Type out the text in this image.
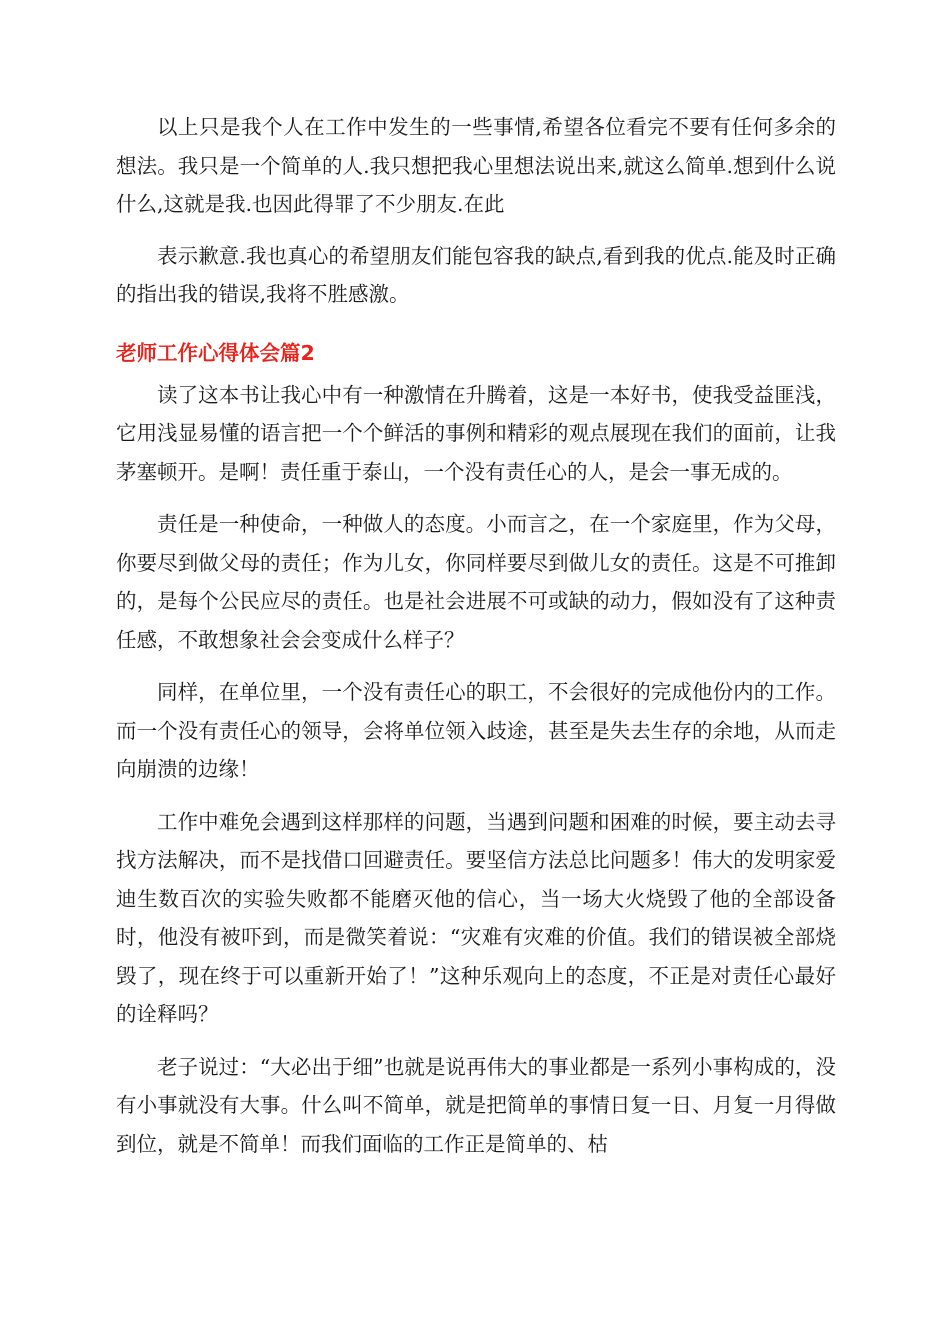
以上只是我个人在工作中发生的一些事情,希望各位看完不要有任何多余的想法。我只是一个简单的人.我只想把我心里想法说出来,就这么简单.想到什么说什么,这就是我.也因此得罪了不少朋友.在此

表示歉意.我也真心的希望朋友们能包容我的缺点,看到我的优点.能及时正确的指出我的错误,我将不胜感激。

老师工作心得体会篇2

读了这本书让我心中有一种激情在升腾着，这是一本好书，使我受益匪浅，它用浅显易懂的语言把一个个鲜活的事例和精彩的观点展现在我们的面前，让我茅塞顿开。是啊！责任重于泰山，一个没有责任心的人，是会一事无成的。

责任是一种使命，一种做人的态度。小而言之，在一个家庭里，作为父母，你要尽到做父母的责任；作为儿女，你同样要尽到做儿女的责任。这是不可推卸的，是每个公民应尽的责任。也是社会进展不可或缺的动力，假如没有了这种责任感，不敢想象社会会变成什么样子？

同样，在单位里，一个没有责任心的职工，不会很好的完成他份内的工作。而一个没有责任心的领导，会将单位领入歧途，甚至是失去生存的余地，从而走向崩溃的边缘！

工作中难免会遇到这样那样的问题，当遇到问题和困难的时候，要主动去寻找方法解决，而不是找借口回避责任。要坚信方法总比问题多！伟大的发明家爱迪生数百次的实验失败都不能磨灭他的信心，当一场大火烧毁了他的全部设备时，他没有被吓到，而是微笑着说：“灾难有灾难的价值。我们的错误被全部烧毁了，现在终于可以重新开始了！”这种乐观向上的态度，不正是对责任心最好的诠释吗？

老子说过：“大必出于细”也就是说再伟大的事业都是一系列小事构成的，没有小事就没有大事。什么叫不简单，就是把简单的事情日复一日、月复一月得做到位，就是不简单！而我们面临的工作正是简单的、枯
